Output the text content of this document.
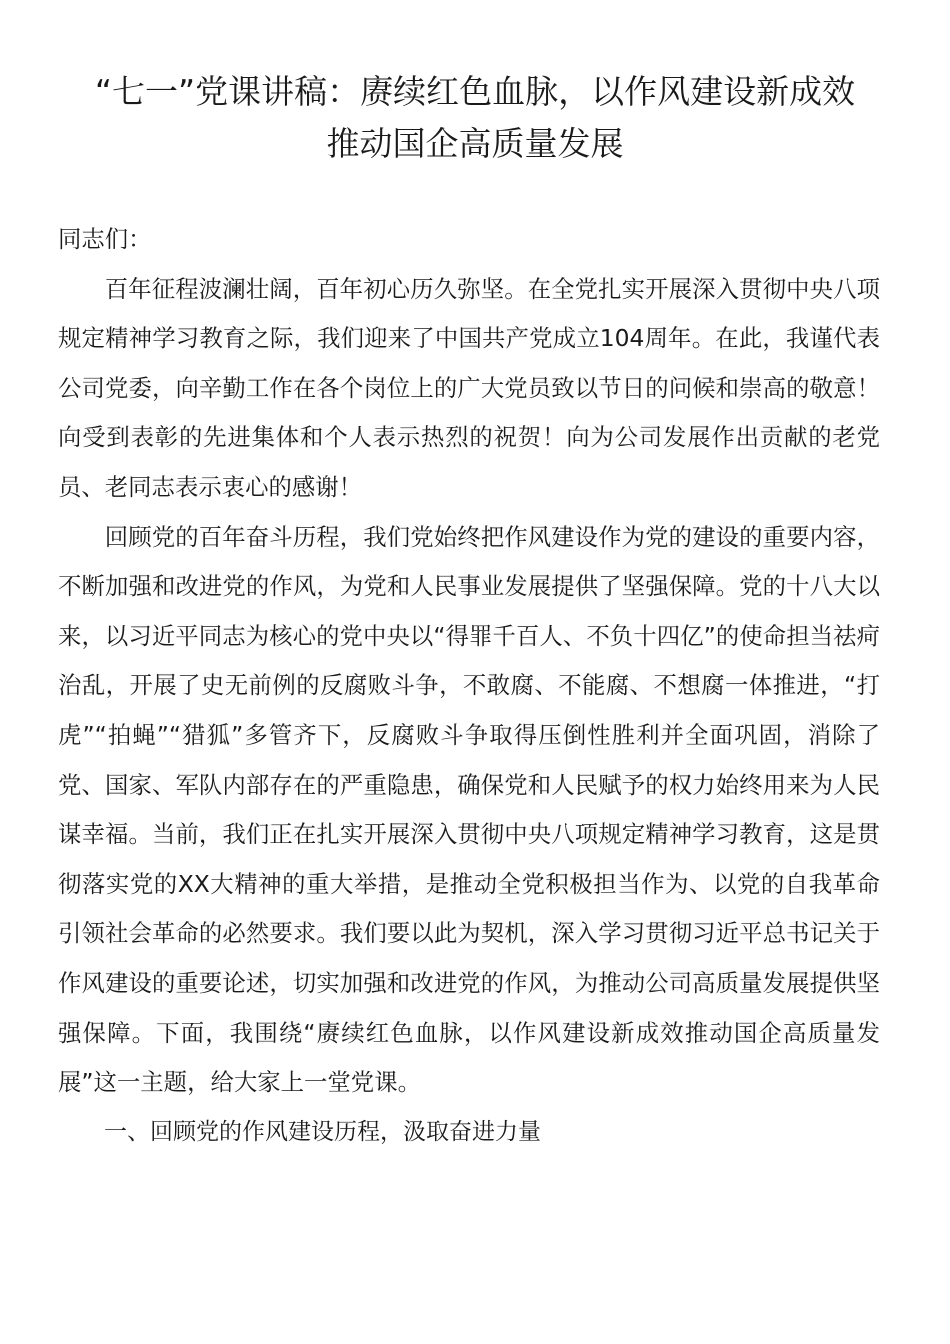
“七一”党课讲稿：赓续红色血脉，以作风建设新成效
推动国企高质量发展

同志们：

百年征程波澜壮阔，百年初心历久弥坚。在全党扎实开展深入贯彻中央八项规定精神学习教育之际，我们迎来了中国共产党成立104周年。在此，我谨代表公司党委，向辛勤工作在各个岗位上的广大党员致以节日的问候和崇高的敬意！向受到表彰的先进集体和个人表示热烈的祝贺！向为公司发展作出贡献的老党员、老同志表示衷心的感谢！

回顾党的百年奋斗历程，我们党始终把作风建设作为党的建设的重要内容，不断加强和改进党的作风，为党和人民事业发展提供了坚强保障。党的十八大以来，以习近平同志为核心的党中央以“得罪千百人、不负十四亿”的使命担当祛疴治乱，开展了史无前例的反腐败斗争，不敢腐、不能腐、不想腐一体推进，“打虎”“拍蝇”“猎狐”多管齐下，反腐败斗争取得压倒性胜利并全面巩固，消除了党、国家、军队内部存在的严重隐患，确保党和人民赋予的权力始终用来为人民谋幸福。当前，我们正在扎实开展深入贯彻中央八项规定精神学习教育，这是贯彻落实党的XX大精神的重大举措，是推动全党积极担当作为、以党的自我革命引领社会革命的必然要求。我们要以此为契机，深入学习贯彻习近平总书记关于作风建设的重要论述，切实加强和改进党的作风，为推动公司高质量发展提供坚强保障。下面，我围绕“赓续红色血脉，以作风建设新成效推动国企高质量发展”这一主题，给大家上一堂党课。

一、回顾党的作风建设历程，汲取奋进力量
